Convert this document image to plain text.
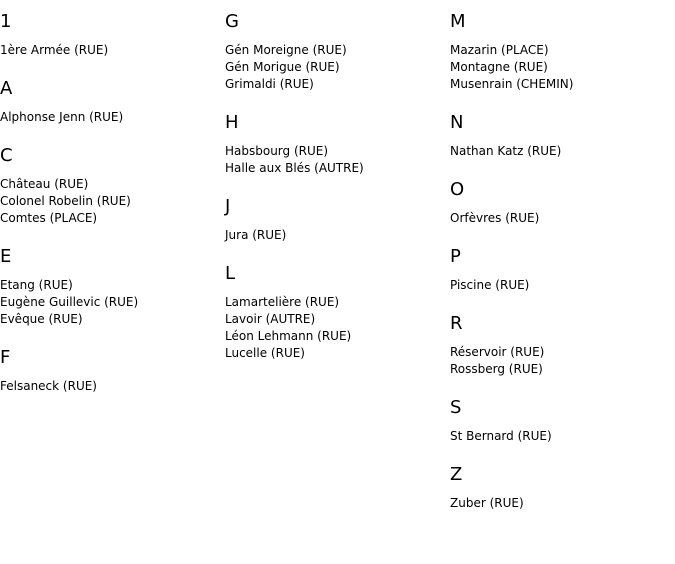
1
1ère Armée (RUE)
A
Alphonse Jenn (RUE)
C
Château (RUE)
Colonel Robelin (RUE)
Comtes (PLACE)
E
Etang (RUE)
Eugène Guillevic (RUE)
Evêque (RUE)
F
Felsaneck (RUE)
G
Gén Moreigne (RUE)
Gén Morigue (RUE)
Grimaldi (RUE)
H
Habsbourg (RUE)
Halle aux Blés (AUTRE)
J
Jura (RUE)
L
Lamartelière (RUE)
Lavoir (AUTRE)
Léon Lehmann (RUE)
Lucelle (RUE)
M
Mazarin (PLACE)
Montagne (RUE)
Musenrain (CHEMIN)
N
Nathan Katz (RUE)
O
Orfèvres (RUE)
P
Piscine (RUE)
R
Réservoir (RUE)
Rossberg (RUE)
S
St Bernard (RUE)
Z
Zuber (RUE)
